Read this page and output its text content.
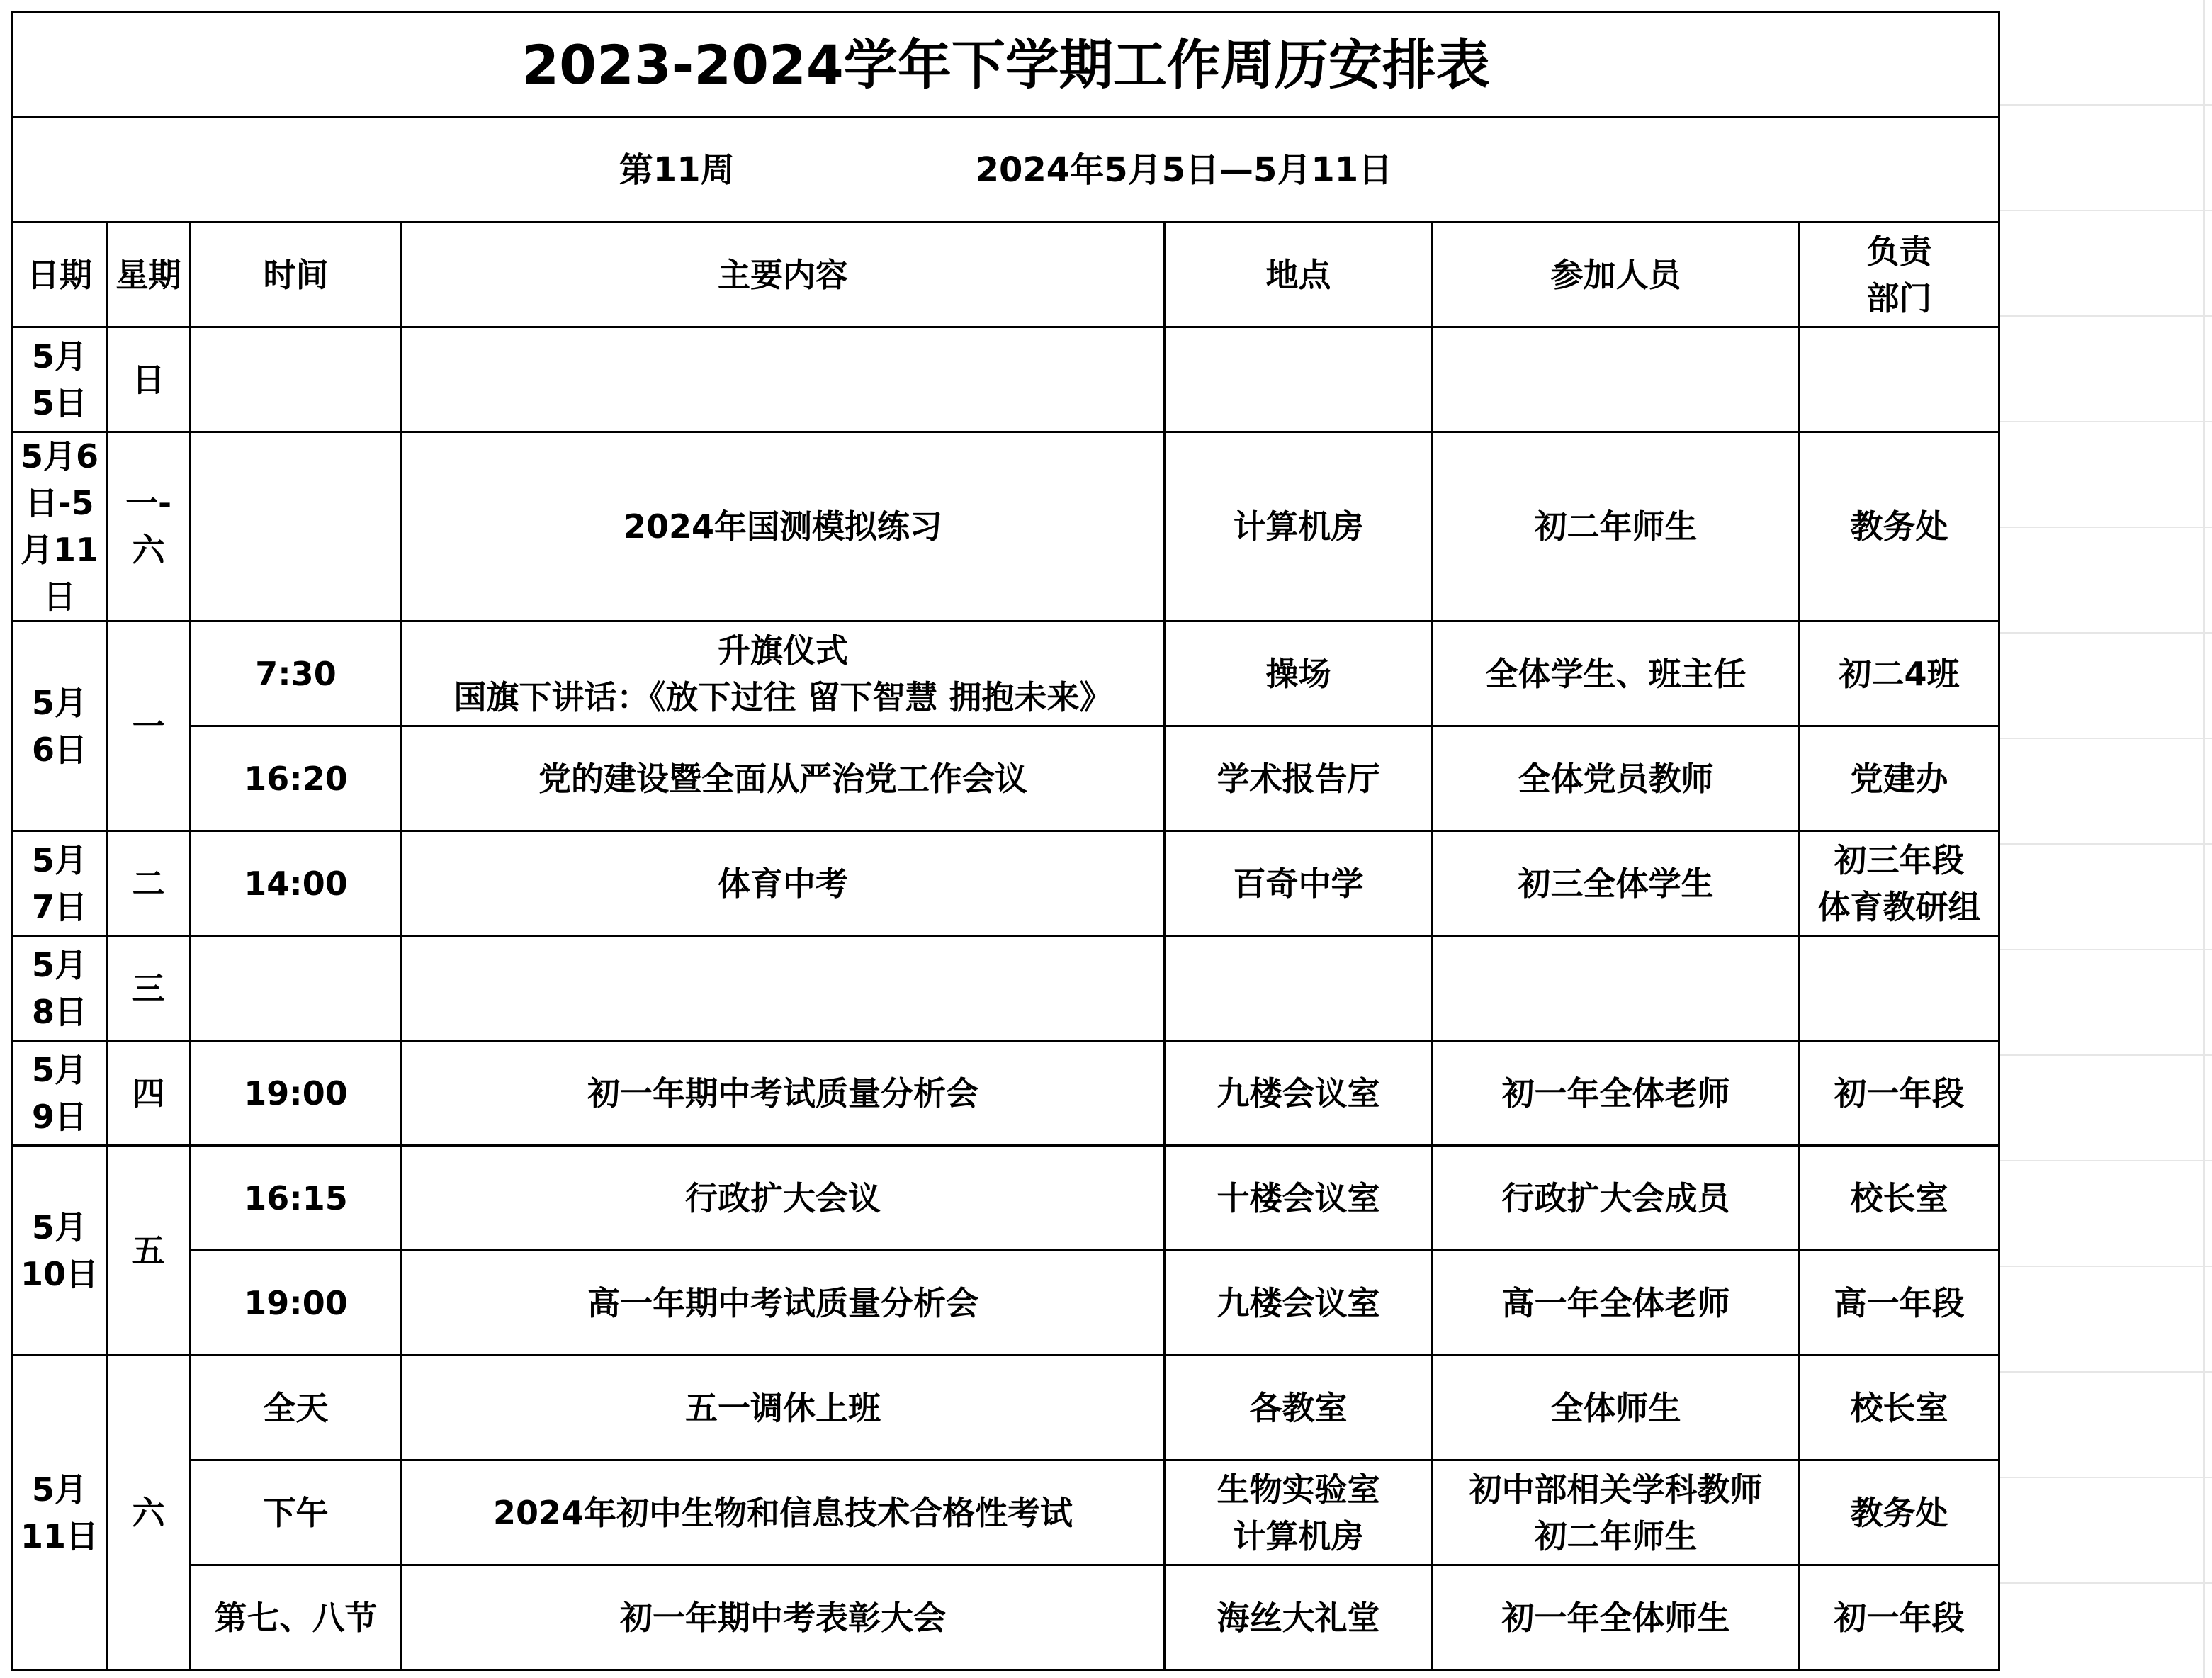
2023-2024学年下学期工作周历安排表						
第11周 2024年5月5日—5月11日						
日期	星期	时间	主要内容	地点	参加人员	负责
部门
5月
5日	日					
5月6
日-5
月11
日	一-
六		2024年国测模拟练习	计算机房	初二年师生	教务处
5月
6日	一	7:30	升旗仪式
国旗下讲话：《放下过往 留下智慧 拥抱未来》	操场	全体学生、班主任	初二4班
		16:20	党的建设暨全面从严治党工作会议	学术报告厅	全体党员教师	党建办
5月
7日	二	14:00	体育中考	百奇中学	初三全体学生	初三年段
体育教研组
5月
8日	三					
5月
9日	四	19:00	初一年期中考试质量分析会	九楼会议室	初一年全体老师	初一年段
5月
10日	五	16:15	行政扩大会议	十楼会议室	行政扩大会成员	校长室
		19:00	高一年期中考试质量分析会	九楼会议室	高一年全体老师	高一年段
5月
11日	六	全天	五一调休上班	各教室	全体师生	校长室
		下午	2024年初中生物和信息技术合格性考试	生物实验室
计算机房	初中部相关学科教师
初二年师生	教务处
		第七、八节	初一年期中考表彰大会	海丝大礼堂	初一年全体师生	初一年段
